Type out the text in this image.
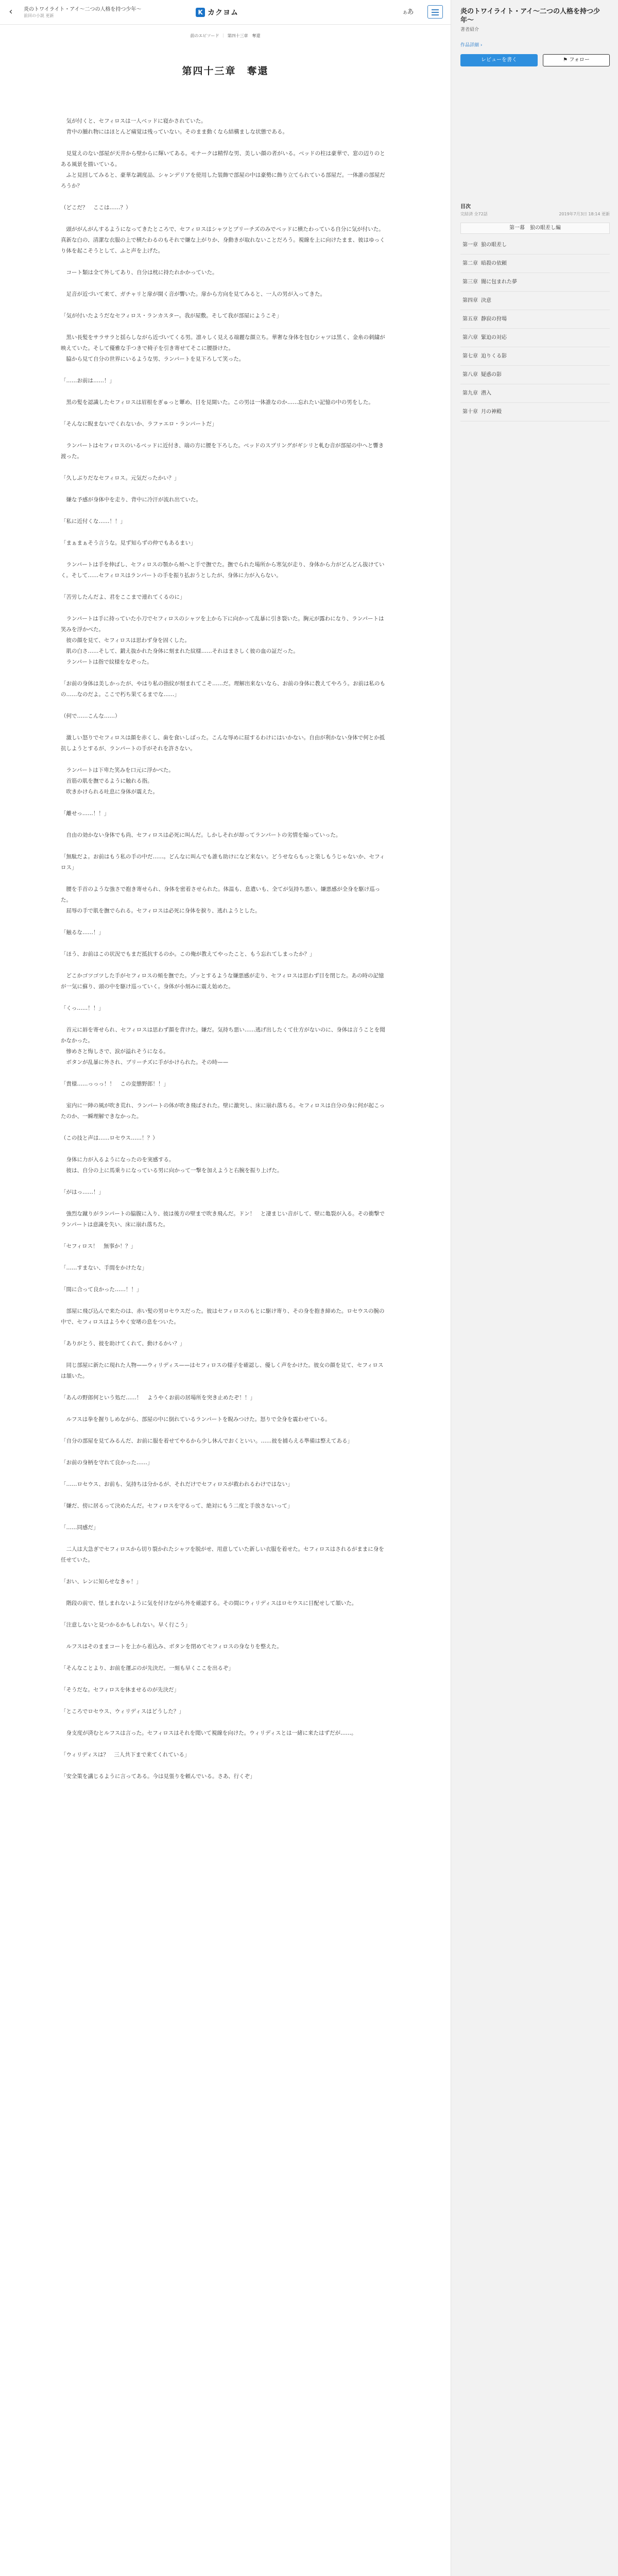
‹	炎のトワイライト・アイ〜二つの人格を持つ少年〜
前回の小説 更新	K カクヨム	ああ
前のエピソード ｜ 第四十三章　奪還
第四十三章　奪還

　気が付くと、セフィロスは一人ベッドに寝かされていた。
　背中の腫れ物にはほとんど痛覚は残っていない。そのまま動くなら結構ましな状態である。

　見覚えのない部屋が天井から壁からに輝いてある。モナークは精悍な男、美しい顔の者がいる。ベッドの柱は豪華で、窓の辺りのとある風景を描いている。
　ふと見回してみると、豪華な調度品、シャンデリアを使用した装飾で部屋の中は豪勢に飾り立てられている部屋だ。一体誰の部屋だろうか？

（どこだ？　ここは……？）

　頭ががんがんするようになってきたところで、セフィロスはシャツとブリーチズのみでベッドに横たわっている自分に気が付いた。真新な白の、清潔な衣服の上で横たわるのもそれで嫌な上がりか、身動きが取れないことだろう。視線を上に向けたまま、彼はゆっくり体を起こそうとして、ふと声を上げた。

　コート類は全て外してあり、自分は枕に持たれかかっていた。

　足音が近づいて来て、ガチャリと扉が開く音が響いた。扉から方向を見てみると、一人の男が入ってきた。

「気が付いたようだなセフィロス・ランカスター。我が屋敷。そして我が部屋にようこそ」

　黒い長髪をサラサラと揺らしながら近づいてくる男。凛々しく見える端麗な顔立ち。華奢な身体を包むシャツは黒く、金糸の刺繍が映えていた。そして優雅な手つきで椅子を引き寄せてそこに腰掛けた。
　脇から見て自分の世界にいるような男、ランパートを見下ろして笑った。

「……お前は……！」

　黒の髪を認識したセフィロスは眉根をぎゅっと顰め、目を見開いた。この男は一体誰なのか……忘れたい記憶の中の男をした。

「そんなに睨まないでくれないか、ラファエロ・ランパートだ」

　ランパートはセフィロスのいるベッドに近付き、端の方に腰を下ろした。ベッドのスプリングがギシリと軋む音が部屋の中へと響き渡った。

「久しぶりだなセフィロス。元気だったかい？」

　嫌な予感が身体中を走り、背中に冷汗が流れ出ていた。

「私に近付くな……！！」

「まぁまぁそう言うな。見ず知らずの仲でもあるまい」

　ランパートは手を伸ばし、セフィロスの顎から頬へと手で撫でた。撫でられた場所から寒気が走り、身体から力がどんどん抜けていく。そして……セフィロスはランパートの手を振り払おうとしたが、身体に力が入らない。

「苦労したんだよ、君をここまで連れてくるのに」

　ランパートは手に持っていた小刀でセフィロスのシャツを上から下に向かって乱暴に引き裂いた。胸元が露わになり、ランパートは笑みを浮かべた。
　彼の顔を見て、セフィロスは思わず身を固くした。
　肌の白さ……そして、鍛え抜かれた身体に刻まれた紋様……それはまさしく彼の血の証だった。
　ランパートは指で紋様をなぞった。

「お前の身体は美しかったが、やはり私の指紋が刻まれてこそ……だ。理解出来ないなら、お前の身体に教えてやろう。お前は私のもの……なのだよ。ここで朽ち果てるまでな……」

（何で……こんな……）

　激しい怒りでセフィロスは顔を赤くし、歯を食いしばった。こんな辱めに屈するわけにはいかない。自由が利かない身体で何とか抵抗しようとするが、ランパートの手がそれを許さない。

　ランパートは下卑た笑みを口元に浮かべた。
　首筋の肌を撫でるように触れる指。
　吹きかけられる吐息に身体が震えた。

「離せっ……！！」

　自由の効かない身体でも尚、セフィロスは必死に叫んだ。しかしそれが却ってランパートの劣情を煽っていった。

「無駄だよ。お前はもう私の手の中だ……。どんなに叫んでも誰も助けになど来ない。どうせならもっと楽しもうじゃないか、セフィロス」

　腰を手首のような強さで抱き寄せられ、身体を密着させられた。体温も、息遣いも、全てが気持ち悪い。嫌悪感が全身を駆け巡った。
　屈辱の手で肌を撫でられる。セフィロスは必死に身体を捩り、逃れようとした。

「触るな……！」

「ほう、お前はこの状況でもまだ抵抗するのか。この俺が教えてやったこと、もう忘れてしまったか？」

　どこかゴツゴツした手がセフィロスの頬を撫でた。ゾッとするような嫌悪感が走り、セフィロスは思わず目を閉じた。あの時の記憶が一気に蘇り、頭の中を駆け巡っていく。身体が小刻みに震え始めた。

「くっ……！！」

　首元に唇を寄せられ、セフィロスは思わず顔を背けた。嫌だ。気持ち悪い……逃げ出したくて仕方がないのに、身体は言うことを聞かなかった。
　惨めさと悔しさで、涙が溢れそうになる。
　ボタンが乱暴に外され、ブリーチズに手がかけられた。その時——

「貴様……っっっ！！　この変態野郎！！」

　室内に一陣の風が吹き荒れ、ランパートの体が吹き飛ばされた。壁に激突し、床に崩れ落ちる。セフィロスは自分の身に何が起こったのか、一瞬理解できなかった。

（この技と声は……ロセウス……！？）

　身体に力が入るようになったのを実感する。
　彼は、自分の上に馬乗りになっている男に向かって一撃を加えようと右腕を振り上げた。

「がはっ……！」

　強烈な蹴りがランパートの脇腹に入り、彼は後方の壁まで吹き飛んだ。ドン！　と凄まじい音がして、壁に亀裂が入る。その衝撃でランパートは意識を失い、床に崩れ落ちた。

「セフィロス！　無事か！？」

「……すまない、手間をかけたな」

「間に合って良かった……！！」

　部屋に飛び込んで来たのは、赤い髪の男ロセウスだった。彼はセフィロスのもとに駆け寄り、その身を抱き締めた。ロセウスの腕の中で、セフィロスはようやく安堵の息をついた。

「ありがとう、彼を助けてくれて、動けるかい？」

　同じ部屋に新たに現れた人物——ウィリディス——はセフィロスの様子を確認し、優しく声をかけた。彼女の顔を見て、セフィロスは頷いた。

「あんの野郎何という処だ……！　ようやくお前の居場所を突き止めたぞ！！」

　ルフスは拳を握りしめながら、部屋の中に倒れているランパートを睨みつけた。怒りで全身を震わせている。

「自分の部屋を見てみるんだ、お前に服を着せてやるから少し休んでおくといい。……彼を捕らえる準備は整えてある」

「お前の身柄を守れて良かった……」

「……ロセウス、お前も、気持ちは分かるが、それだけでセフィロスが救われるわけではない」

「嫌だ、傍に居るって決めたんだ。セフィロスを守るって、絶対にもう二度と手放さないって」

「……同感だ」

　二人は大急ぎでセフィロスから切り裂かれたシャツを脱がせ、用意していた新しい衣服を着せた。セフィロスはされるがままに身を任せていた。

「おい、レンに知らせなきゃ！」

　階段の前で、怪しまれないように気を付けながら外を確認する。その間にウィリディスはロセウスに目配せして頷いた。

「注意しないと見つかるかもしれない。早く行こう」

　ルフスはそのままコートを上から着込み、ボタンを閉めてセフィロスの身なりを整えた。

「そんなことより、お前を運ぶのが先決だ。一刻も早くここを出るぞ」

「そうだな。セフィロスを休ませるのが先決だ」

「ところでロセウス、ウィリディスはどうした？」

　身支度が済むとルフスは言った。セフィロスはそれを聞いて視線を向けた。ウィリディスとは一緒に来たはずだが……。

「ウィリディスは？　三人共下まで来てくれている」

「安全策を講じるように言ってある。今は見張りを頼んでいる。さあ、行くぞ」

炎のトワイライト・アイ〜二つの人格を持つ少年〜
著者紹介
作品詳細 ›
レビューを書く	⚑ フォロー
目次
完結済 全72話	2019年7月3日 18:14 更新
第一幕　狼の眼差し編
第一章 狼の眼差し
第二章 暗殺の依頼
第三章 闇に包まれた夢
第四章 決意
第五章 静寂の狩場
第六章 緊迫の対応
第七章 迫りくる影
第八章 疑惑の影
第九章 潜入
第十章 月の神殿
